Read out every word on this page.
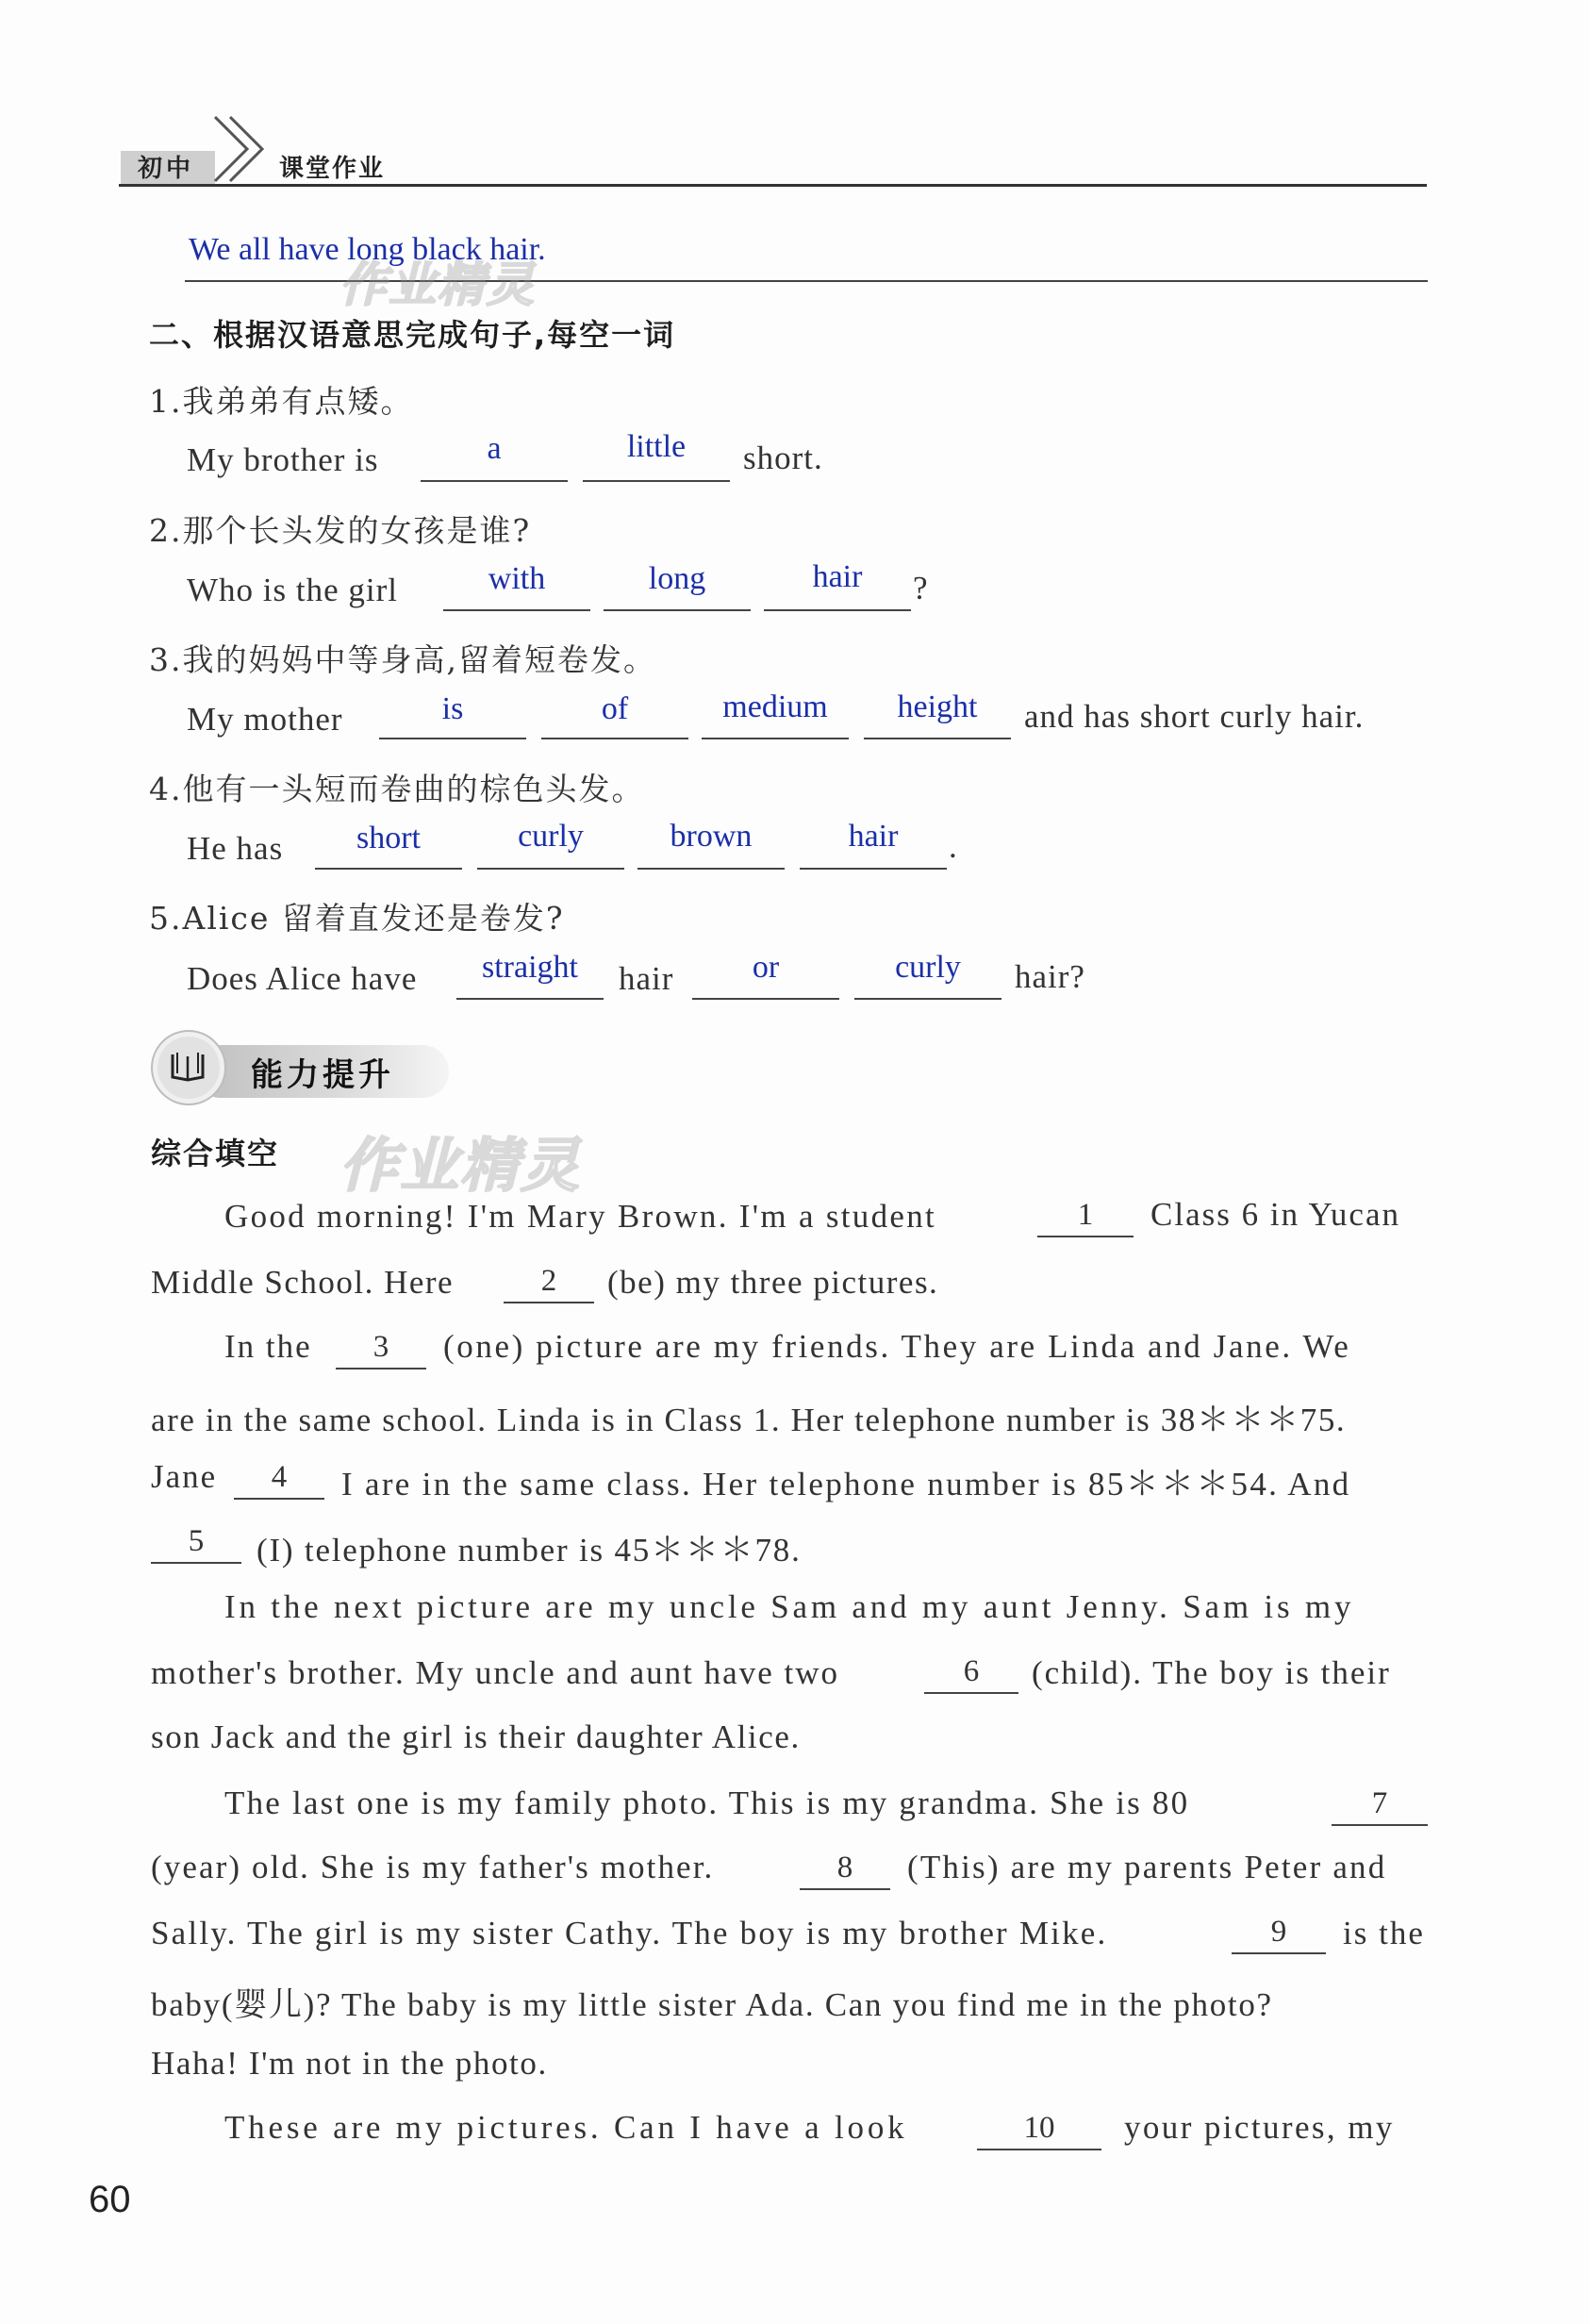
初中	课堂作业
We all have long black hair.
作业精灵
二、根据汉语意思完成句子,每空一词
1.我弟弟有点矮。
My brother is	a	little	short.
2.那个长头发的女孩是谁?
Who is the girl	with	long	hair	?
3.我的妈妈中等身高,留着短卷发。
My mother	is	of	medium	height	and has short curly hair.
4.他有一头短而卷曲的棕色头发。
He has	short	curly	brown	hair	.
5.Alice 留着直发还是卷发?
Does Alice have	straight	hair	or	curly	hair?
能力提升
综合填空 作业精灵
Good morning! I'm Mary Brown. I'm a student	1	Class 6 in Yucan
Middle School. Here	2	(be) my three pictures.
In the	3	(one) picture are my friends. They are Linda and Jane. We
are in the same school. Linda is in Class 1. Her telephone number is 38＊＊＊75.
Jane	4	I are in the same class. Her telephone number is 85＊＊＊54. And
5	(I) telephone number is 45＊＊＊78.
In the next picture are my uncle Sam and my aunt Jenny. Sam is my
mother's brother. My uncle and aunt have two	6	(child). The boy is their
son Jack and the girl is their daughter Alice.
The last one is my family photo. This is my grandma. She is 80	7
(year) old. She is my father's mother.	8	(This) are my parents Peter and
Sally. The girl is my sister Cathy. The boy is my brother Mike.	9	is the
baby(婴儿)? The baby is my little sister Ada. Can you find me in the photo?
Haha! I'm not in the photo.
These are my pictures. Can I have a look	10	your pictures, my
60
